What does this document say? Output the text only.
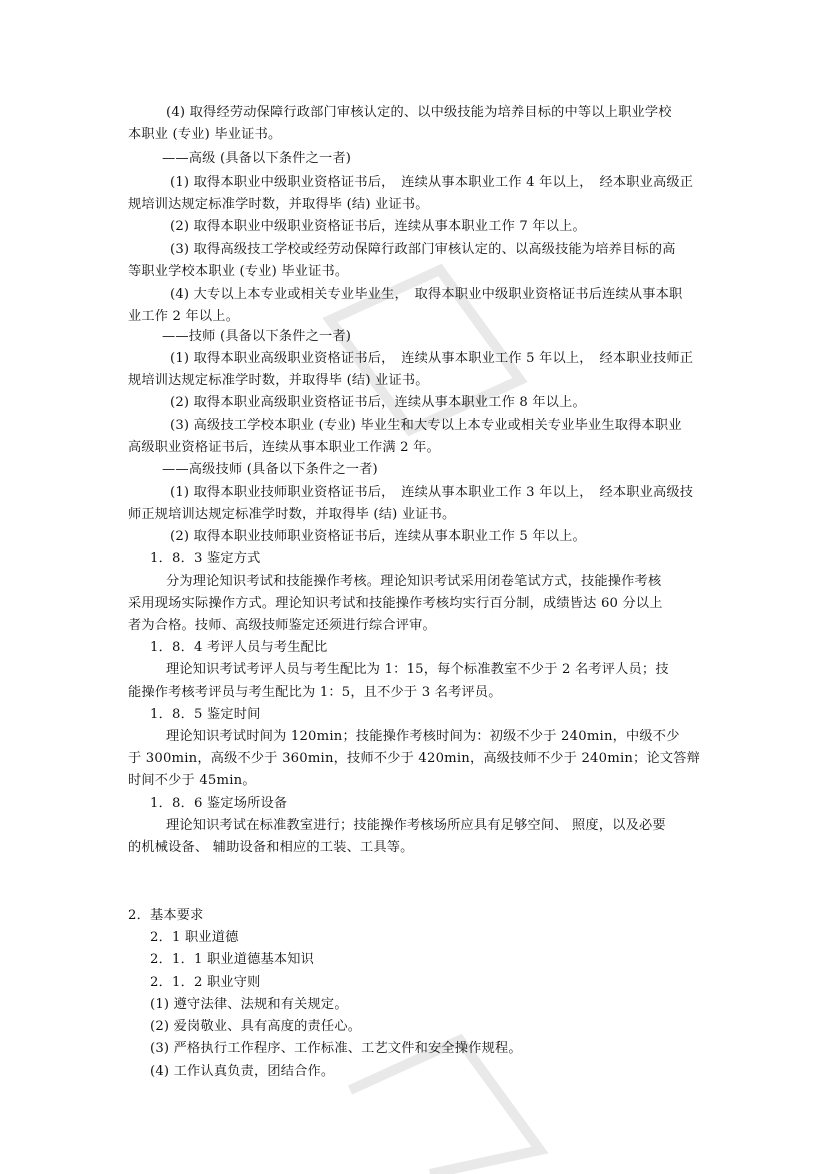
(4) 取得经劳动保障行政部门审核认定的、以中级技能为培养目标的中等以上职业学校
本职业 (专业) 毕业证书。
——高级 (具备以下条件之一者)
(1) 取得本职业中级职业资格证书后，　连续从事本职业工作 4 年以上，　经本职业高级正
规培训达规定标准学时数，并取得毕 (结) 业证书。
(2) 取得本职业中级职业资格证书后，连续从事本职业工作 7 年以上。
(3) 取得高级技工学校或经劳动保障行政部门审核认定的、以高级技能为培养目标的高
等职业学校本职业 (专业) 毕业证书。
(4) 大专以上本专业或相关专业毕业生，　取得本职业中级职业资格证书后连续从事本职
业工作 2 年以上。
——技师 (具备以下条件之一者)
(1) 取得本职业高级职业资格证书后，　连续从事本职业工作 5 年以上，　经本职业技师正
规培训达规定标准学时数，并取得毕 (结) 业证书。
(2) 取得本职业高级职业资格证书后，连续从事本职业工作 8 年以上。
(3) 高级技工学校本职业 (专业) 毕业生和大专以上本专业或相关专业毕业生取得本职业
高级职业资格证书后，连续从事本职业工作满 2 年。
——高级技师 (具备以下条件之一者)
(1) 取得本职业技师职业资格证书后，　连续从事本职业工作 3 年以上，　经本职业高级技
师正规培训达规定标准学时数，并取得毕 (结) 业证书。
(2) 取得本职业技师职业资格证书后，连续从事本职业工作 5 年以上。
1．8．3 鉴定方式
分为理论知识考试和技能操作考核。理论知识考试采用闭卷笔试方式，技能操作考核
采用现场实际操作方式。理论知识考试和技能操作考核均实行百分制，成绩皆达 60 分以上
者为合格。技师、高级技师鉴定还须进行综合评审。
1．8．4 考评人员与考生配比
理论知识考试考评人员与考生配比为 1：15，每个标准教室不少于 2 名考评人员；技
能操作考核考评员与考生配比为 1：5，且不少于 3 名考评员。
1．8．5 鉴定时间
理论知识考试时间为 120min；技能操作考核时间为：初级不少于 240min，中级不少
于 300min，高级不少于 360min，技师不少于 420min，高级技师不少于 240min；论文答辩
时间不少于 45min。
1．8．6 鉴定场所设备
理论知识考试在标准教室进行；技能操作考核场所应具有足够空间、 照度，以及必要
的机械设备、 辅助设备和相应的工装、工具等。
2．基本要求
2．1 职业道德
2．1．1 职业道德基本知识
2．1．2 职业守则
(1) 遵守法律、法规和有关规定。
(2) 爱岗敬业、具有高度的责任心。
(3) 严格执行工作程序、工作标准、工艺文件和安全操作规程。
(4) 工作认真负责，团结合作。
